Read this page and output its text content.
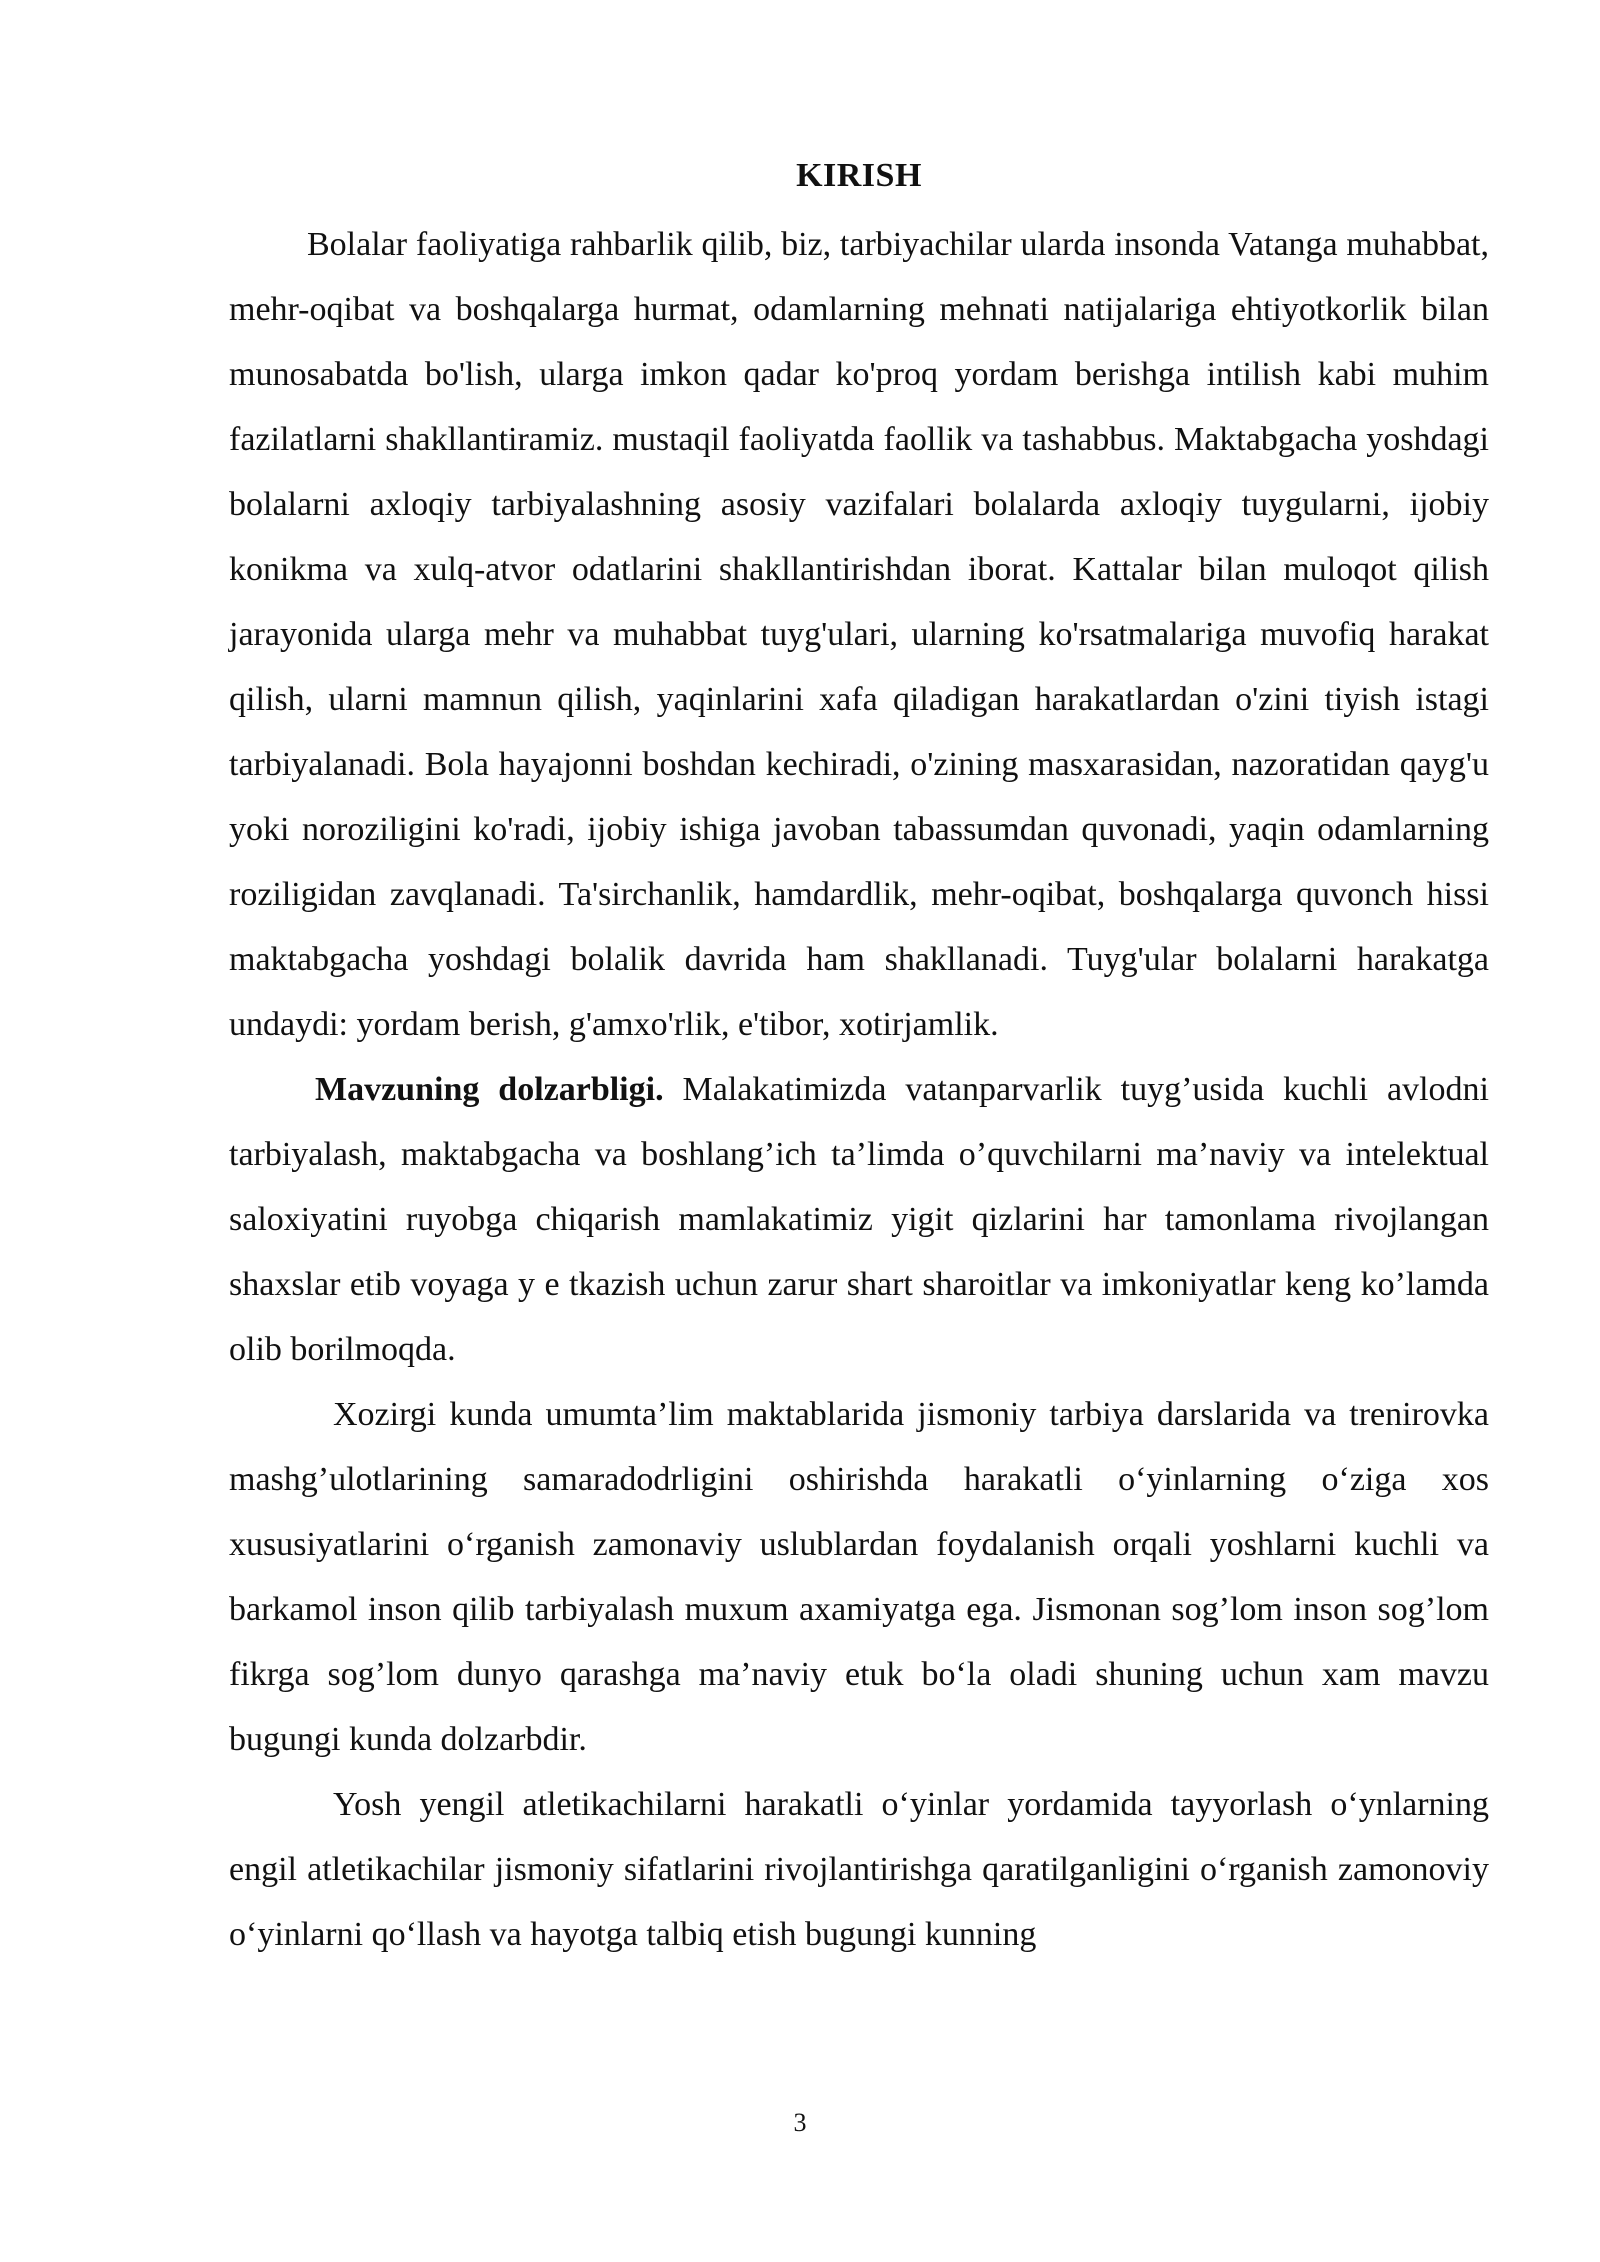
KIRISH

Bolalar faoliyatiga rahbarlik qilib, biz, tarbiyachilar ularda insonda Vatanga muhabbat, mehr-oqibat va boshqalarga hurmat, odamlarning mehnati natijalariga ehtiyotkorlik bilan munosabatda bo'lish, ularga imkon qadar ko'proq yordam berishga intilish kabi muhim fazilatlarni shakllantiramiz. mustaqil faoliyatda faollik va tashabbus. Maktabgacha yoshdagi bolalarni axloqiy tarbiyalashning asosiy vazifalari bolalarda axloqiy tuygularni, ijobiy konikma va xulq-atvor odatlarini shakllantirishdan iborat. Kattalar bilan muloqot qilish jarayonida ularga mehr va muhabbat tuyg'ulari, ularning ko'rsatmalariga muvofiq harakat qilish, ularni mamnun qilish, yaqinlarini xafa qiladigan harakatlardan o'zini tiyish istagi tarbiyalanadi. Bola hayajonni boshdan kechiradi, o'zining masxarasidan, nazoratidan qayg'u yoki noroziligini ko'radi, ijobiy ishiga javoban tabassumdan quvonadi, yaqin odamlarning roziligidan zavqlanadi. Ta'sirchanlik, hamdardlik, mehr-oqibat, boshqalarga quvonch hissi maktabgacha yoshdagi bolalik davrida ham shakllanadi. Tuyg'ular bolalarni harakatga undaydi: yordam berish, g'amxo'rlik, e'tibor, xotirjamlik.

Mavzuning dolzarbligi. Malakatimizda vatanparvarlik tuyg’usida kuchli avlodni tarbiyalash, maktabgacha va boshlang’ich ta’limda o’quvchilarni ma’naviy va intelektual saloxiyatini ruyobga chiqarish mamlakatimiz yigit qizlarini har tamonlama rivojlangan shaxslar etib voyaga y e tkazish uchun zarur shart sharoitlar va imkoniyatlar keng ko’lamda olib borilmoqda.

Xozirgi kunda umumta’lim maktablarida jismoniy tarbiya darslarida va trenirovka mashg’ulotlarining samaradodrligini oshirishda harakatli o‘yinlarning o‘ziga xos xususiyatlarini o‘rganish zamonaviy uslublardan foydalanish orqali yoshlarni kuchli va barkamol inson qilib tarbiyalash muxum axamiyatga ega. Jismonan sog’lom inson sog’lom fikrga sog’lom dunyo qarashga ma’naviy etuk bo‘la oladi shuning uchun xam mavzu bugungi kunda dolzarbdir.

Yosh yengil atletikachilarni harakatli o‘yinlar yordamida tayyorlash o‘ynlarning engil atletikachilar jismoniy sifatlarini rivojlantirishga qaratilganligini o‘rganish zamonoviy o‘yinlarni qo‘llash va hayotga talbiq etish bugungi kunning

3
